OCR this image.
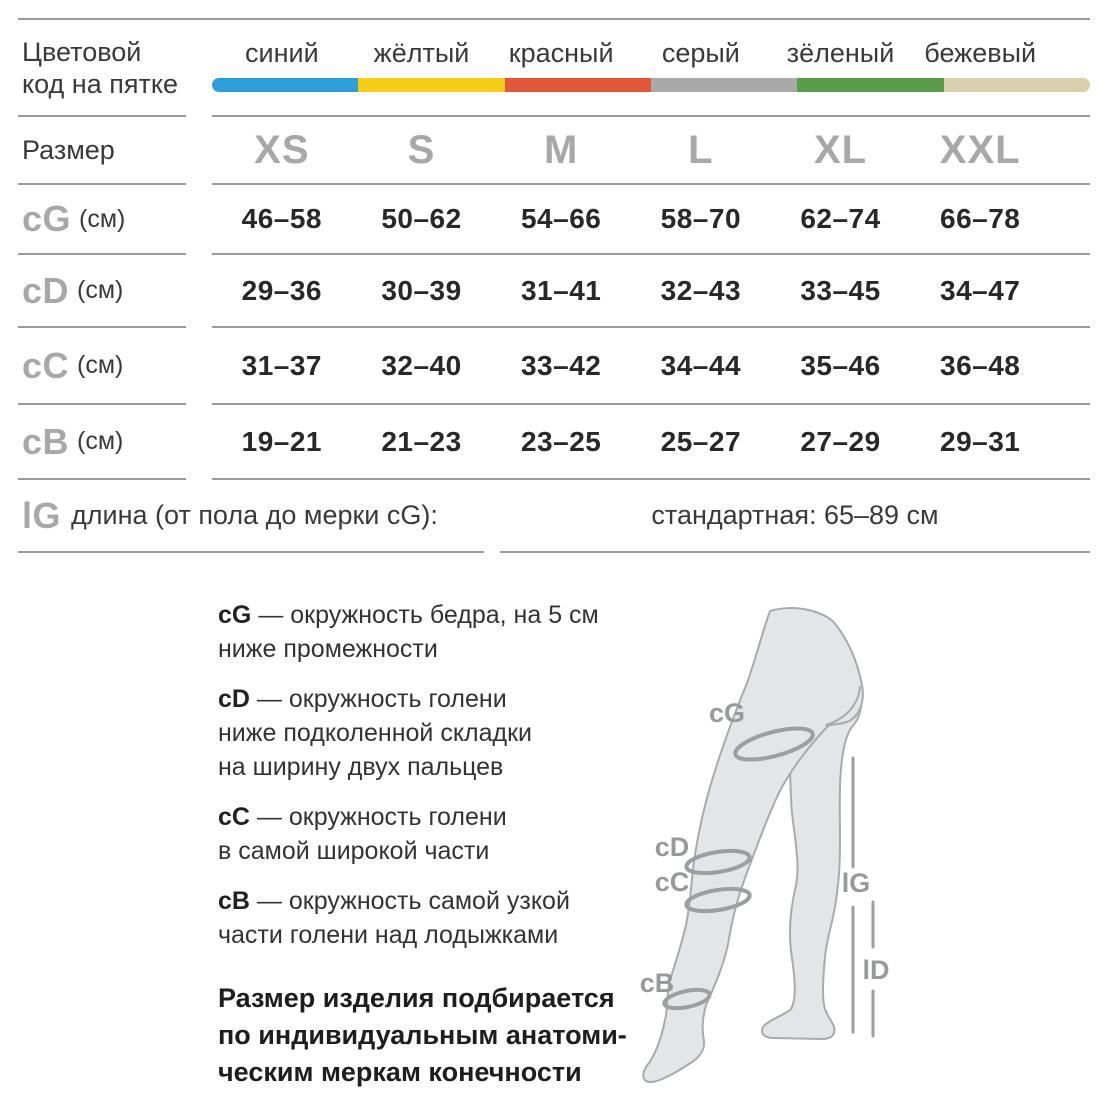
Цветовой
код на пятке
синий	жёлтый	красный	серый	зёленый	бежевый
Размер	XS	S	M	L	XL	XXL
cG (см)	46–58	50–62	54–66	58–70	62–74	66–78
cD (см)	29–36	30–39	31–41	32–43	33–45	34–47
cC (см)	31–37	32–40	33–42	34–44	35–46	36–48
cB (см)	19–21	21–23	23–25	25–27	27–29	29–31
lG длина (от пола до мерки cG):	стандартная: 65–89 см
cG — окружность бедра, на 5 см
ниже промежности
cD — окружность голени
ниже подколенной складки
на ширину двух пальцев
cC — окружность голени
в самой широкой части
cB — окружность самой узкой
части голени над лодыжками
Размер изделия подбирается
по индивидуальным анатоми-
ческим меркам конечности
cG
cD
cC
cB
lG
lD
